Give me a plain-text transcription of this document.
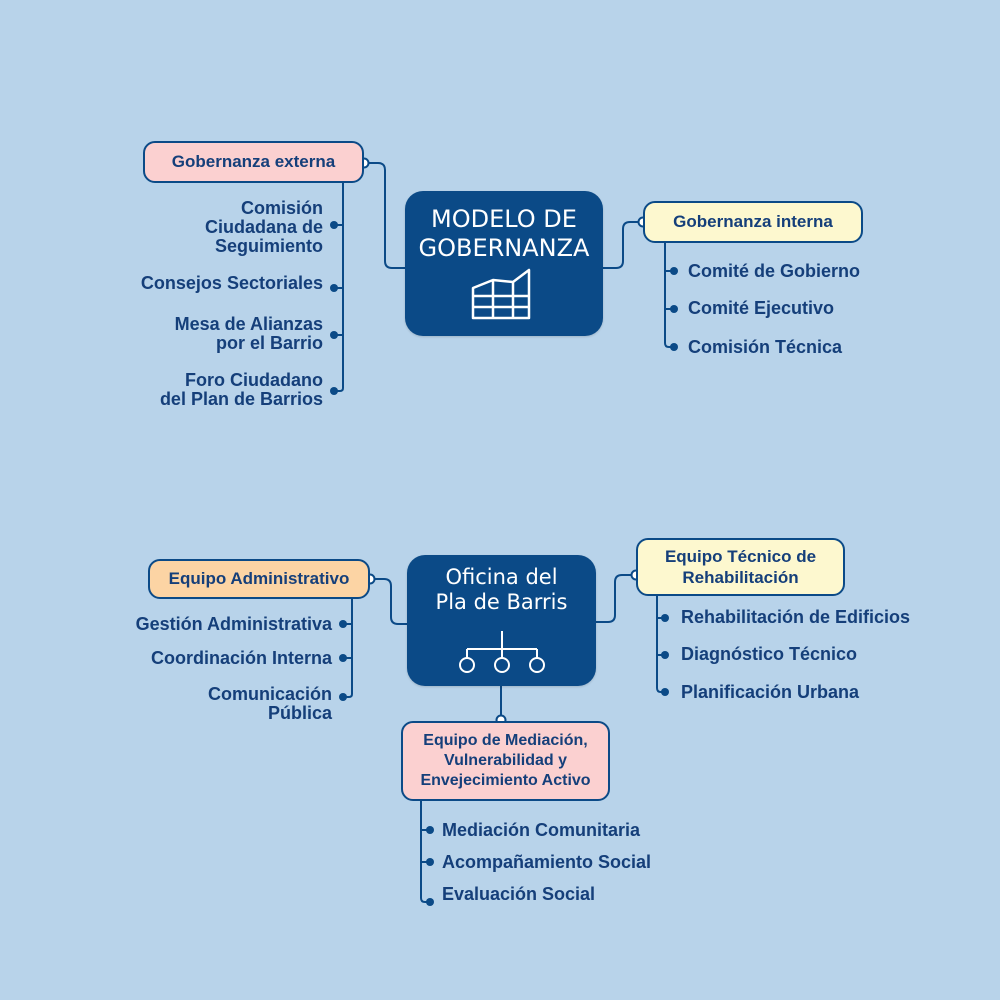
MODELO DE
GOBERNANZA
Gobernanza externa
Comisión
Ciudadana de
Seguimiento
Consejos Sectoriales
Mesa de Alianzas
por el Barrio
Foro Ciudadano
del Plan de Barrios
Gobernanza interna
Comité de Gobierno
Comité Ejecutivo
Comisión Técnica
Oficina del
Pla de Barris
Equipo Administrativo
Gestión Administrativa
Coordinación Interna
Comunicación
Pública
Equipo Técnico de
Rehabilitación
Rehabilitación de Edificios
Diagnóstico Técnico
Planificación Urbana
Equipo de Mediación,
Vulnerabilidad y
Envejecimiento Activo
Mediación Comunitaria
Acompañamiento Social
Evaluación Social
